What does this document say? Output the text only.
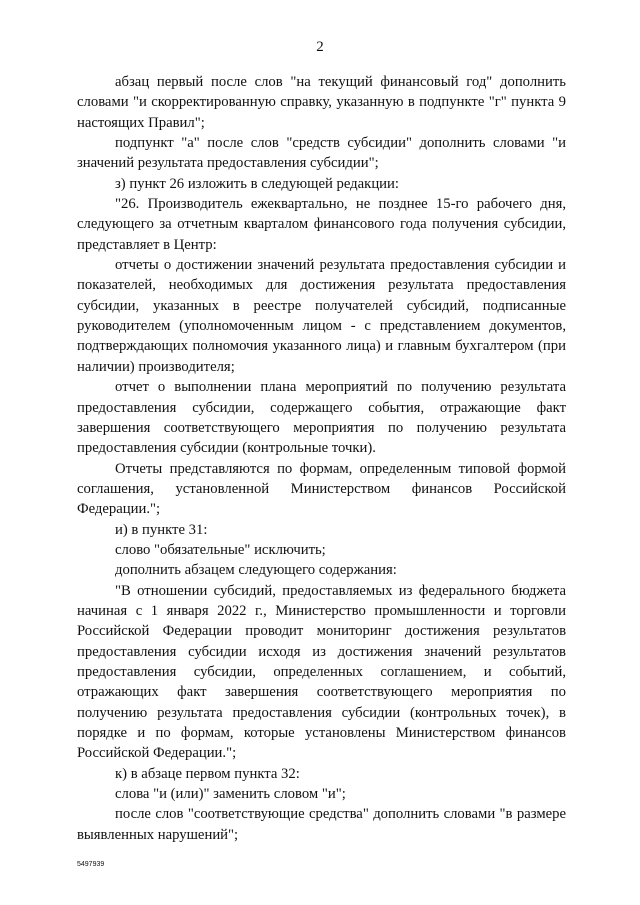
2

абзац первый после слов "на текущий финансовый год" дополнить словами "и скорректированную справку, указанную в подпункте "г" пункта 9 настоящих Правил";

подпункт "а" после слов "средств субсидии" дополнить словами "и значений результата предоставления субсидии";

з) пункт 26 изложить в следующей редакции:

"26. Производитель ежеквартально, не позднее 15-го рабочего дня, следующего за отчетным кварталом финансового года получения субсидии, представляет в Центр:

отчеты о достижении значений результата предоставления субсидии и показателей, необходимых для достижения результата предоставления субсидии, указанных в реестре получателей субсидий, подписанные руководителем (уполномоченным лицом - с представлением документов, подтверждающих полномочия указанного лица) и главным бухгалтером (при наличии) производителя;

отчет о выполнении плана мероприятий по получению результата предоставления субсидии, содержащего события, отражающие факт завершения соответствующего мероприятия по получению результата предоставления субсидии (контрольные точки).

Отчеты представляются по формам, определенным типовой формой соглашения, установленной Министерством финансов Российской Федерации.";

и) в пункте 31:

слово "обязательные" исключить;

дополнить абзацем следующего содержания:

"В отношении субсидий, предоставляемых из федерального бюджета начиная с 1 января 2022 г., Министерство промышленности и торговли Российской Федерации проводит мониторинг достижения результатов предоставления субсидии исходя из достижения значений результатов предоставления субсидии, определенных соглашением, и событий, отражающих факт завершения соответствующего мероприятия по получению результата предоставления субсидии (контрольных точек), в порядке и по формам, которые установлены Министерством финансов Российской Федерации.";

к) в абзаце первом пункта 32:

слова "и (или)" заменить словом "и";

после слов "соответствующие средства" дополнить словами "в размере выявленных нарушений";

5497939
